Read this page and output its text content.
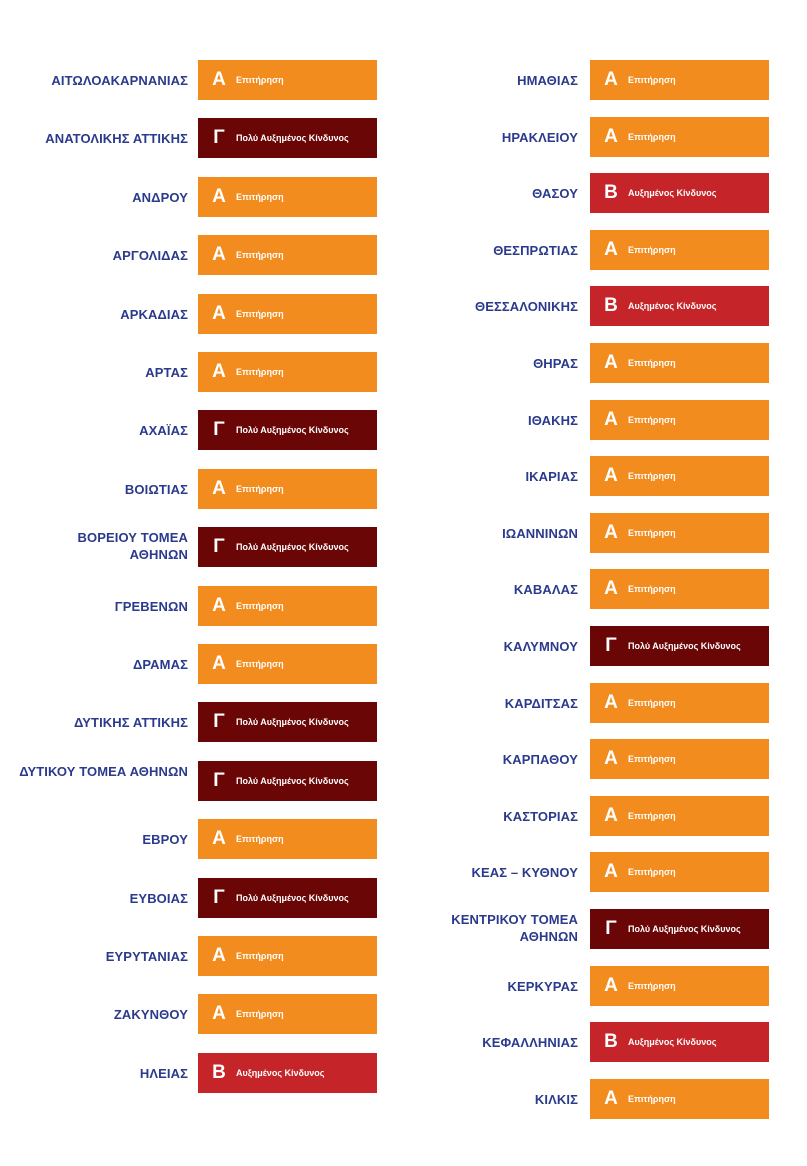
ΑΙΤΩΛΟΑΚΑΡΝΑΝΙΑΣ Α	Επιτήρηση
ΑΝΑΤΟΛΙΚΗΣ ΑΤΤΙΚΗΣ Γ	Πολύ Αυξημένος Κίνδυνος
ΑΝΔΡΟΥ Α	Επιτήρηση
ΑΡΓΟΛΙΔΑΣ Α	Επιτήρηση
ΑΡΚΑΔΙΑΣ Α	Επιτήρηση
ΑΡΤΑΣ Α	Επιτήρηση
ΑΧΑΪΑΣ Γ	Πολύ Αυξημένος Κίνδυνος
ΒΟΙΩΤΙΑΣ Α	Επιτήρηση
ΒΟΡΕΙΟΥ ΤΟΜΕΑ ΑΘΗΝΩΝ Γ	Πολύ Αυξημένος Κίνδυνος
ΓΡΕΒΕΝΩΝ Α	Επιτήρηση
ΔΡΑΜΑΣ Α	Επιτήρηση
ΔΥΤΙΚΗΣ ΑΤΤΙΚΗΣ Γ	Πολύ Αυξημένος Κίνδυνος
ΔΥΤΙΚΟΥ ΤΟΜΕΑ ΑΘΗΝΩΝ Γ	Πολύ Αυξημένος Κίνδυνος
ΕΒΡΟΥ Α	Επιτήρηση
ΕΥΒΟΙΑΣ Γ	Πολύ Αυξημένος Κίνδυνος
ΕΥΡΥΤΑΝΙΑΣ Α	Επιτήρηση
ΖΑΚΥΝΘΟΥ Α	Επιτήρηση
ΗΛΕΙΑΣ Β	Αυξημένος Κίνδυνος
ΗΜΑΘΙΑΣ Α	Επιτήρηση
ΗΡΑΚΛΕΙΟΥ Α	Επιτήρηση
ΘΑΣΟΥ Β	Αυξημένος Κίνδυνος
ΘΕΣΠΡΩΤΙΑΣ Α	Επιτήρηση
ΘΕΣΣΑΛΟΝΙΚΗΣ Β	Αυξημένος Κίνδυνος
ΘΗΡΑΣ Α	Επιτήρηση
ΙΘΑΚΗΣ Α	Επιτήρηση
ΙΚΑΡΙΑΣ Α	Επιτήρηση
ΙΩΑΝΝΙΝΩΝ Α	Επιτήρηση
ΚΑΒΑΛΑΣ Α	Επιτήρηση
ΚΑΛΥΜΝΟΥ Γ	Πολύ Αυξημένος Κίνδυνος
ΚΑΡΔΙΤΣΑΣ Α	Επιτήρηση
ΚΑΡΠΑΘΟΥ Α	Επιτήρηση
ΚΑΣΤΟΡΙΑΣ Α	Επιτήρηση
ΚΕΑΣ – ΚΥΘΝΟΥ Α	Επιτήρηση
ΚΕΝΤΡΙΚΟΥ ΤΟΜΕΑ ΑΘΗΝΩΝ Γ	Πολύ Αυξημένος Κίνδυνος
ΚΕΡΚΥΡΑΣ Α	Επιτήρηση
ΚΕΦΑΛΛΗΝΙΑΣ Β	Αυξημένος Κίνδυνος
ΚΙΛΚΙΣ Α	Επιτήρηση
